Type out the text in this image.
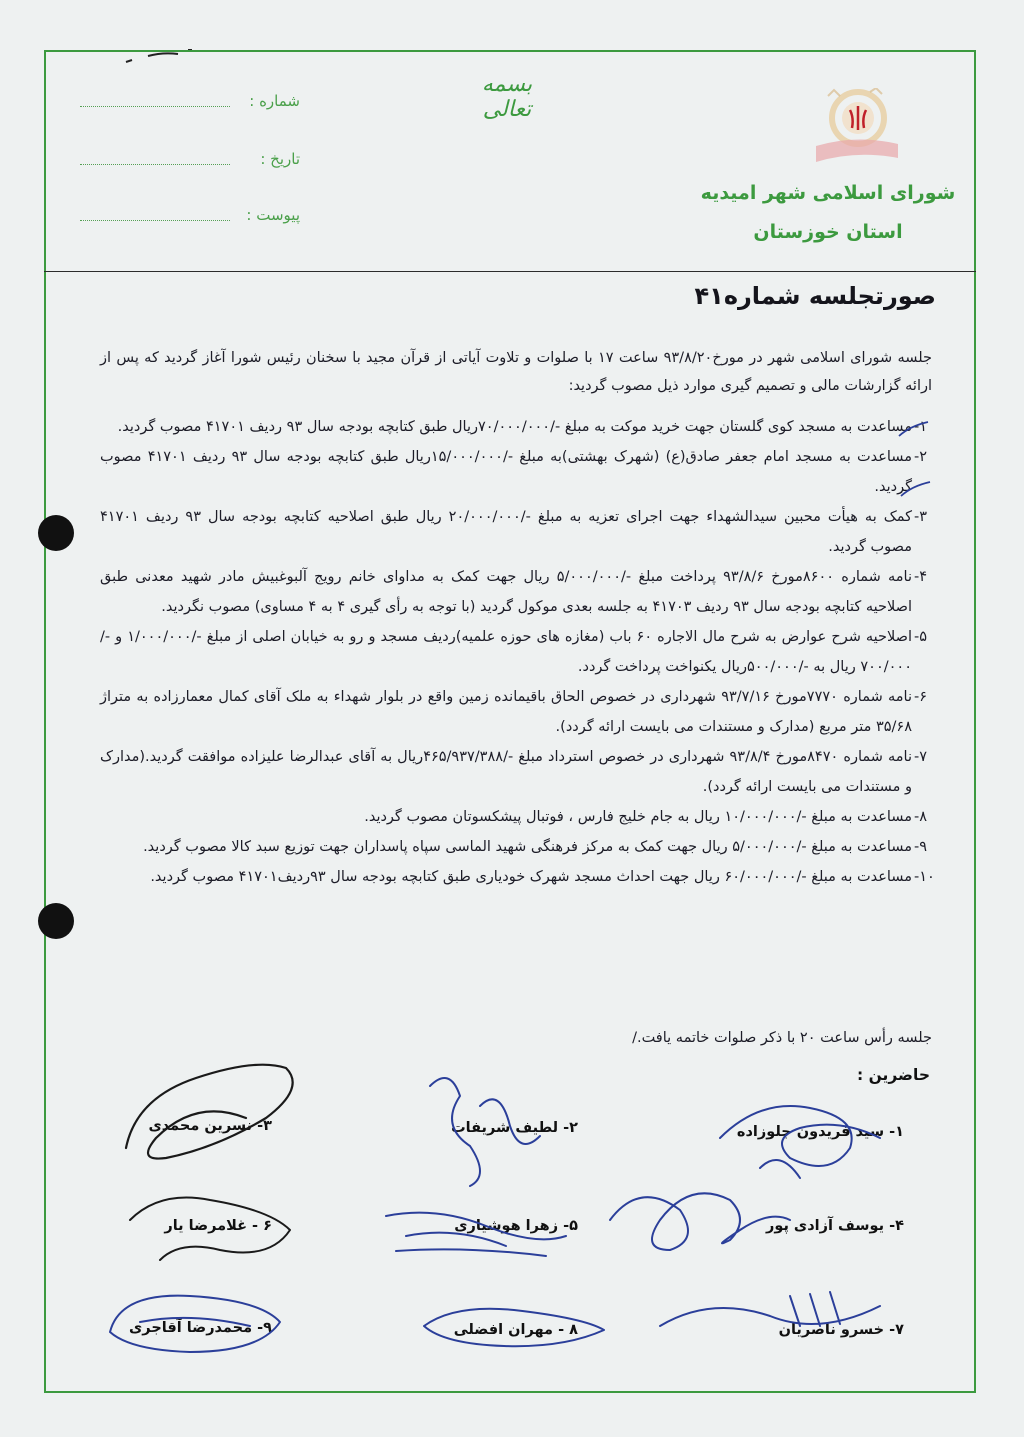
بسمه تعالی
شماره :
تاریخ :
پیوست :
شورای اسلامی شهر امیدیه
استان خوزستان
صورتجلسه شماره۴۱
جلسه شورای اسلامی شهر در مورخ۹۳/۸/۲۰ ساعت ۱۷ با صلوات و تلاوت آیاتی از قرآن مجید با سخنان رئیس شورا آغاز گردید که پس از ارائه گزارشات مالی و تصمیم گیری موارد ذیل مصوب گردید:
۱-
مساعدت به مسجد کوی گلستان جهت خرید موکت به مبلغ -/۷۰/۰۰۰/۰۰۰ریال طبق کتابچه بودجه سال ۹۳ ردیف ۴۱۷۰۱ مصوب گردید.
۲-
مساعدت به مسجد امام جعفر صادق(ع) (شهرک بهشتی)به مبلغ -/۱۵/۰۰۰/۰۰۰ریال طبق کتابچه بودجه سال ۹۳ ردیف ۴۱۷۰۱ مصوب گردید.
۳-
کمک به هیأت محبین سیدالشهداء جهت اجرای تعزیه به مبلغ -/۲۰/۰۰۰/۰۰۰ ریال طبق اصلاحیه کتابچه بودجه سال ۹۳ ردیف ۴۱۷۰۱ مصوب گردید.
۴-
نامه شماره ۸۶۰۰مورخ ۹۳/۸/۶ پرداخت مبلغ -/۵/۰۰۰/۰۰۰ ریال جهت کمک به مداوای خانم رویج آلبوغبیش مادر شهید معدنی طبق اصلاحیه کتابچه بودجه سال ۹۳ ردیف ۴۱۷۰۳ به جلسه بعدی موکول گردید (با توجه به رأی گیری ۴ به ۴ مساوی) مصوب نگردید.
۵-
اصلاحیه شرح عوارض به شرح مال الاجاره ۶۰ باب (مغازه های حوزه علمیه)ردیف مسجد و رو به خیابان اصلی از مبلغ -/۱/۰۰۰/۰۰۰ و -/۷۰۰/۰۰۰ ریال به -/۵۰۰/۰۰۰ریال یکنواخت پرداخت گردد.
۶-
نامه شماره ۷۷۷۰مورخ ۹۳/۷/۱۶ شهرداری در خصوص الحاق باقیمانده زمین واقع در بلوار شهداء به ملک آقای کمال معمارزاده به متراژ ۳۵/۶۸ متر مربع (مدارک و مستندات می بایست ارائه گردد).
۷-
نامه شماره ۸۴۷۰مورخ ۹۳/۸/۴ شهرداری در خصوص استرداد مبلغ -/۴۶۵/۹۳۷/۳۸۸ریال به آقای عبدالرضا علیزاده موافقت گردید.(مدارک و مستندات می بایست ارائه گردد).
۸-
مساعدت به مبلغ -/۱۰/۰۰۰/۰۰۰ ریال به جام خلیج فارس ، فوتبال پیشکسوتان مصوب گردید.
۹-
مساعدت به مبلغ -/۵/۰۰۰/۰۰۰ ریال جهت کمک به مرکز فرهنگی شهید الماسی سپاه پاسداران جهت توزیع سبد کالا مصوب گردید.
۱۰-
مساعدت به مبلغ -/۶۰/۰۰۰/۰۰۰ ریال جهت احداث مسجد شهرک خودیاری طبق کتابچه بودجه سال ۹۳ردیف۴۱۷۰۱ مصوب گردید.
جلسه رأس ساعت ۲۰ با ذکر صلوات خاتمه یافت./
حاضرین :
۱- سید فریدون جلوزاده
۲- لطیف شریفات
۳- نسرین محمدی
۴- یوسف آزادی پور
۵- زهرا هوشیاری
۶ - غلامرضا یار
۷- خسرو ناصریان
۸ - مهران افضلی
۹- محمدرضا آقاجری
